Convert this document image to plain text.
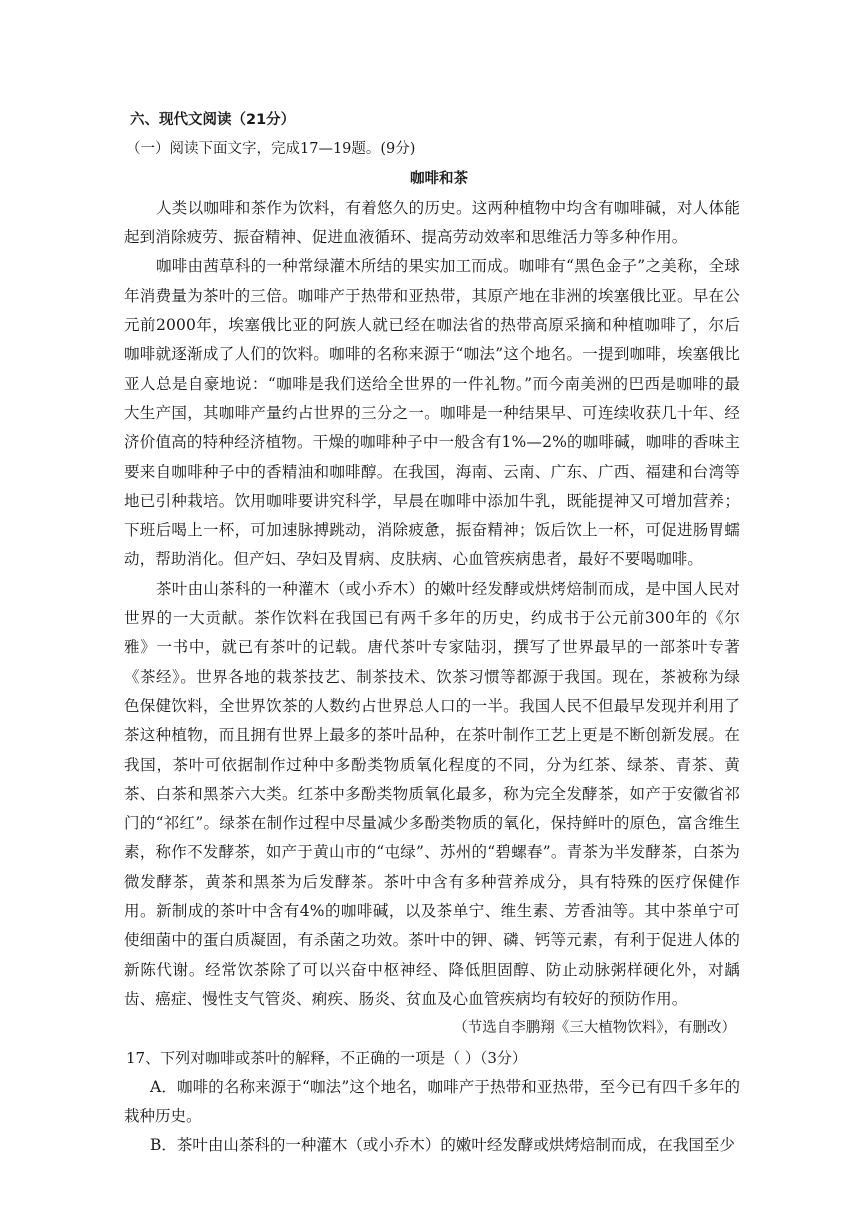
六、现代文阅读（21分）

（一）阅读下面文字，完成17—19题。(9分)

咖啡和茶

人类以咖啡和茶作为饮料，有着悠久的历史。这两种植物中均含有咖啡碱，对人体能起到消除疲劳、振奋精神、促进血液循环、提高劳动效率和思维活力等多种作用。

咖啡由茜草科的一种常绿灌木所结的果实加工而成。咖啡有“黑色金子”之美称，全球年消费量为茶叶的三倍。咖啡产于热带和亚热带，其原产地在非洲的埃塞俄比亚。早在公元前2000年，埃塞俄比亚的阿族人就已经在咖法省的热带高原采摘和种植咖啡了，尔后咖啡就逐渐成了人们的饮料。咖啡的名称来源于“咖法”这个地名。一提到咖啡，埃塞俄比亚人总是自豪地说：“咖啡是我们送给全世界的一件礼物。”而今南美洲的巴西是咖啡的最大生产国，其咖啡产量约占世界的三分之一。咖啡是一种结果早、可连续收获几十年、经济价值高的特种经济植物。干燥的咖啡种子中一般含有1%—2%的咖啡碱，咖啡的香味主要来自咖啡种子中的香精油和咖啡醇。在我国，海南、云南、广东、广西、福建和台湾等地已引种栽培。饮用咖啡要讲究科学，早晨在咖啡中添加牛乳，既能提神又可增加营养；下班后喝上一杯，可加速脉搏跳动，消除疲惫，振奋精神；饭后饮上一杯，可促进肠胃蠕动，帮助消化。但产妇、孕妇及胃病、皮肤病、心血管疾病患者，最好不要喝咖啡。

茶叶由山茶科的一种灌木（或小乔木）的嫩叶经发酵或烘烤焙制而成，是中国人民对世界的一大贡献。茶作饮料在我国已有两千多年的历史，约成书于公元前300年的《尔雅》一书中，就已有茶叶的记载。唐代茶叶专家陆羽，撰写了世界最早的一部茶叶专著《茶经》。世界各地的栽茶技艺、制茶技术、饮茶习惯等都源于我国。现在，茶被称为绿色保健饮料，全世界饮茶的人数约占世界总人口的一半。我国人民不但最早发现并利用了茶这种植物，而且拥有世界上最多的茶叶品种，在茶叶制作工艺上更是不断创新发展。在我国，茶叶可依据制作过种中多酚类物质氧化程度的不同，分为红茶、绿茶、青茶、黄茶、白茶和黑茶六大类。红茶中多酚类物质氧化最多，称为完全发酵茶，如产于安徽省祁门的“祁红”。绿茶在制作过程中尽量减少多酚类物质的氧化，保持鲜叶的原色，富含维生素，称作不发酵茶，如产于黄山市的“屯绿”、苏州的“碧螺春”。青茶为半发酵茶，白茶为微发酵茶，黄茶和黑茶为后发酵茶。茶叶中含有多种营养成分，具有特殊的医疗保健作用。新制成的茶叶中含有4%的咖啡碱，以及茶单宁、维生素、芳香油等。其中茶单宁可使细菌中的蛋白质凝固，有杀菌之功效。茶叶中的钾、磷、钙等元素，有利于促进人体的新陈代谢。经常饮茶除了可以兴奋中枢神经、降低胆固醇、防止动脉粥样硬化外，对龋齿、癌症、慢性支气管炎、痢疾、肠炎、贫血及心血管疾病均有较好的预防作用。

（节选自李鹏翔《三大植物饮料》，有删改）

17、下列对咖啡或茶叶的解释，不正确的一项是（ ）（3分）

A．咖啡的名称来源于“咖法”这个地名，咖啡产于热带和亚热带，至今已有四千多年的栽种历史。

B．茶叶由山茶科的一种灌木（或小乔木）的嫩叶经发酵或烘烤焙制而成，在我国至少
